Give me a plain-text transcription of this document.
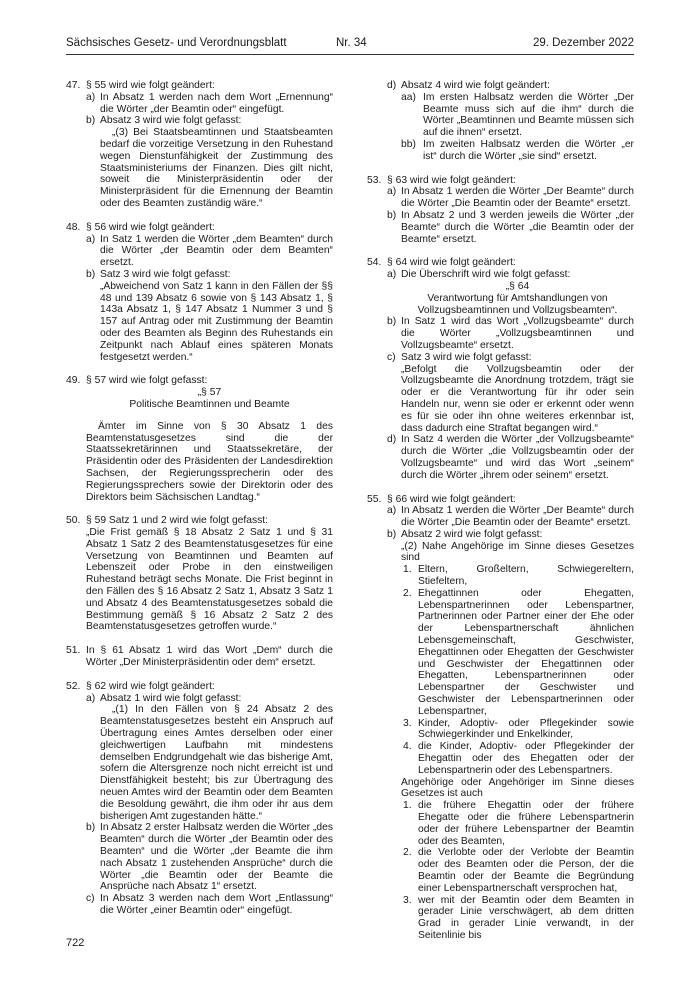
Sächsisches Gesetz- und Verordnungsblatt	Nr. 34	29. Dezember 2022
47. § 55 wird wie folgt geändert:

a) In Absatz 1 werden nach dem Wort „Ernennung“ die Wörter „der Beamtin oder“ eingefügt.

b) Absatz 3 wird wie folgt gefasst:

„(3) Bei Staatsbeamtinnen und Staatsbeamten bedarf die vorzeitige Versetzung in den Ruhestand wegen Dienstunfähigkeit der Zustimmung des Staatsministeriums der Finanzen. Dies gilt nicht, soweit die Ministerpräsidentin oder der Ministerpräsident für die Ernennung der Beamtin oder des Beamten zuständig wäre.“

48. § 56 wird wie folgt geändert:

a) In Satz 1 werden die Wörter „dem Beamten“ durch die Wörter „der Beamtin oder dem Beamten“ ersetzt.

b) Satz 3 wird wie folgt gefasst:

„Abweichend von Satz 1 kann in den Fällen der §§ 48 und 139 Absatz 6 sowie von § 143 Absatz 1, § 143a Absatz 1, § 147 Absatz 1 Nummer 3 und § 157 auf Antrag oder mit Zustimmung der Beamtin oder des Beamten als Beginn des Ruhestands ein Zeitpunkt nach Ablauf eines späteren Monats festgesetzt werden.“

49. § 57 wird wie folgt gefasst:

„§ 57

Politische Beamtinnen und Beamte

Ämter im Sinne von § 30 Absatz 1 des Beamtenstatusgesetzes sind die der Staatssekretärinnen und Staatssekretäre, der Präsidentin oder des Präsidenten der Landesdirektion Sachsen, der Regierungssprecherin oder des Regierungssprechers sowie der Direktorin oder des Direktors beim Sächsischen Landtag.“

50. § 59 Satz 1 und 2 wird wie folgt gefasst:

„Die Frist gemäß § 18 Absatz 2 Satz 1 und § 31 Absatz 1 Satz 2 des Beamtenstatusgesetzes für eine Versetzung von Beamtinnen und Beamten auf Lebenszeit oder Probe in den einstweiligen Ruhestand beträgt sechs Monate. Die Frist beginnt in den Fällen des § 16 Absatz 2 Satz 1, Absatz 3 Satz 1 und Absatz 4 des Beamtenstatusgesetzes sobald die Bestimmung gemäß § 16 Absatz 2 Satz 2 des Beamtenstatusgesetzes getroffen wurde.“

51. In § 61 Absatz 1 wird das Wort „Dem“ durch die Wörter „Der Ministerpräsidentin oder dem“ ersetzt.

52. § 62 wird wie folgt geändert:

a) Absatz 1 wird wie folgt gefasst:

„(1) In den Fällen von § 24 Absatz 2 des Beamtenstatusgesetzes besteht ein Anspruch auf Übertragung eines Amtes derselben oder einer gleichwertigen Laufbahn mit mindestens demselben Endgrundgehalt wie das bisherige Amt, sofern die Altersgrenze noch nicht erreicht ist und Dienstfähigkeit besteht; bis zur Übertragung des neuen Amtes wird der Beamtin oder dem Beamten die Besoldung gewährt, die ihm oder ihr aus dem bisherigen Amt zugestanden hätte.“

b) In Absatz 2 erster Halbsatz werden die Wörter „des Beamten“ durch die Wörter „der Beamtin oder des Beamten“ und die Wörter „der Beamte die ihm nach Absatz 1 zustehenden Ansprüche“ durch die Wörter „die Beamtin oder der Beamte die Ansprüche nach Absatz 1“ ersetzt.

c) In Absatz 3 werden nach dem Wort „Entlassung“ die Wörter „einer Beamtin oder“ eingefügt.

d) Absatz 4 wird wie folgt geändert:

aa) Im ersten Halbsatz werden die Wörter „Der Beamte muss sich auf die ihm“ durch die Wörter „Beamtinnen und Beamte müssen sich auf die ihnen“ ersetzt.

bb) Im zweiten Halbsatz werden die Wörter „er ist“ durch die Wörter „sie sind“ ersetzt.

53. § 63 wird wie folgt geändert:

a) In Absatz 1 werden die Wörter „Der Beamte“ durch die Wörter „Die Beamtin oder der Beamte“ ersetzt.

b) In Absatz 2 und 3 werden jeweils die Wörter „der Beamte“ durch die Wörter „die Beamtin oder der Beamte“ ersetzt.

54. § 64 wird wie folgt geändert:

a) Die Überschrift wird wie folgt gefasst:

„§ 64

Verantwortung für Amtshandlungen von Vollzugsbeamtinnen und Vollzugsbeamten“.

b) In Satz 1 wird das Wort „Vollzugsbeamte“ durch die Wörter „Vollzugsbeamtinnen und Vollzugsbeamte“ ersetzt.

c) Satz 3 wird wie folgt gefasst:

„Befolgt die Vollzugsbeamtin oder der Vollzugsbeamte die Anordnung trotzdem, trägt sie oder er die Verantwortung für ihr oder sein Handeln nur, wenn sie oder er erkennt oder wenn es für sie oder ihn ohne weiteres erkennbar ist, dass dadurch eine Straftat begangen wird.“

d) In Satz 4 werden die Wörter „der Vollzugsbeamte“ durch die Wörter „die Vollzugsbeamtin oder der Vollzugsbeamte“ und wird das Wort „seinem“ durch die Wörter „ihrem oder seinem“ ersetzt.

55. § 66 wird wie folgt geändert:

a) In Absatz 1 werden die Wörter „Der Beamte“ durch die Wörter „Die Beamtin oder der Beamte“ ersetzt.

b) Absatz 2 wird wie folgt gefasst:

„(2) Nahe Angehörige im Sinne dieses Gesetzes sind

1. Eltern, Großeltern, Schwiegereltern, Stiefeltern,

2. Ehegattinnen oder Ehegatten, Lebenspartnerinnen oder Lebenspartner, Partnerinnen oder Partner einer der Ehe oder der Lebenspartnerschaft ähnlichen Lebensgemeinschaft, Geschwister, Ehegattinnen oder Ehegatten der Geschwister und Geschwister der Ehegattinnen oder Ehegatten, Lebenspartnerinnen oder Lebenspartner der Geschwister und Geschwister der Lebenspartnerinnen oder Lebenspartner,

3. Kinder, Adoptiv- oder Pflegekinder sowie Schwiegerkinder und Enkelkinder,

4. die Kinder, Adoptiv- oder Pflegekinder der Ehegattin oder des Ehegatten oder der Lebenspartnerin oder des Lebenspartners.

Angehörige oder Angehöriger im Sinne dieses Gesetzes ist auch

1. die frühere Ehegattin oder der frühere Ehegatte oder die frühere Lebenspartnerin oder der frühere Lebenspartner der Beamtin oder des Beamten,

2. die Verlobte oder der Verlobte der Beamtin oder des Beamten oder die Person, der die Beamtin oder der Beamte die Begründung einer Lebenspartnerschaft versprochen hat,

3. wer mit der Beamtin oder dem Beamten in gerader Linie verschwägert, ab dem dritten Grad in gerader Linie verwandt, in der Seitenlinie bis

722
